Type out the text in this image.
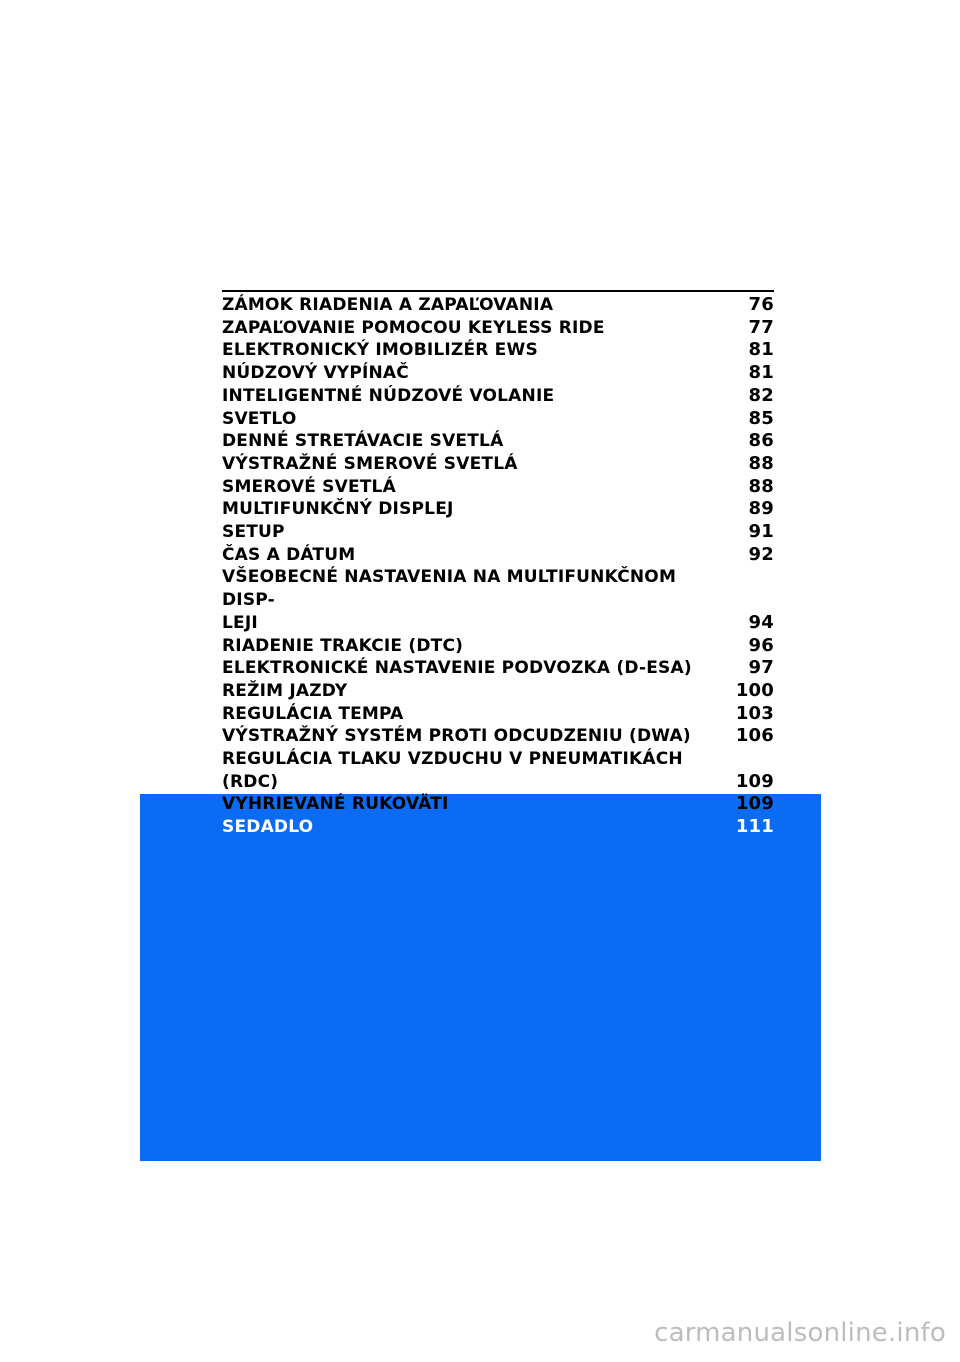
ZÁMOK RIADENIA A ZAPAĽOVANIA	76
ZAPAĽOVANIE POMOCOU KEYLESS RIDE	77
ELEKTRONICKÝ IMOBILIZÉR EWS	81
NÚDZOVÝ VYPÍNAČ	81
INTELIGENTNÉ NÚDZOVÉ VOLANIE	82
SVETLO	85
DENNÉ STRETÁVACIE SVETLÁ	86
VÝSTRAŽNÉ SMEROVÉ SVETLÁ	88
SMEROVÉ SVETLÁ	88
MULTIFUNKČNÝ DISPLEJ	89
SETUP	91
ČAS A DÁTUM	92
VŠEOBECNÉ NASTAVENIA NA MULTIFUNKČNOM DISP-
LEJI	94
RIADENIE TRAKCIE (DTC)	96
ELEKTRONICKÉ NASTAVENIE PODVOZKA (D-ESA)	97
REŽIM JAZDY	100
REGULÁCIA TEMPA	103
VÝSTRAŽNÝ SYSTÉM PROTI ODCUDZENIU (DWA)	106
REGULÁCIA TLAKU VZDUCHU V PNEUMATIKÁCH
(RDC)	109
VYHRIEVANÉ RUKOVÄTI	109
SEDADLO	111
carmanualsonline.info
